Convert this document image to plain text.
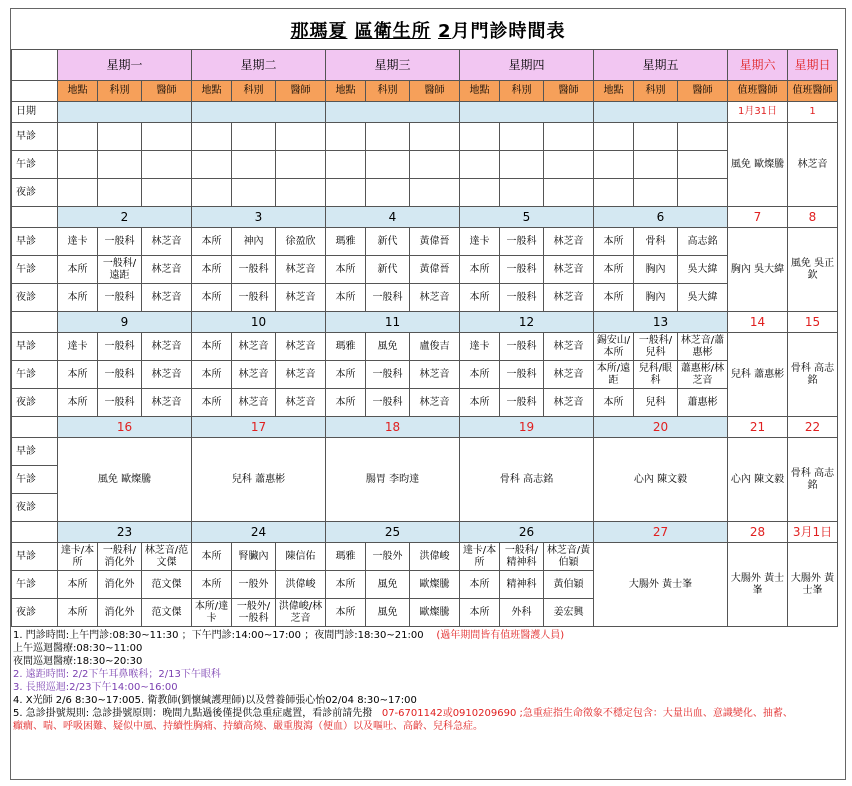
那瑪夏 區衛生所 2月門診時間表
	星期一			星期二			星期三			星期四			星期五			星期六	星期日
	地點	科別	醫師	地點	科別	醫師	地點	科別	醫師	地點	科別	醫師	地點	科別	醫師	值班醫師	值班醫師
日期																1月31日	1
早診																風免 歐燦騰	林芝音
午診																	
夜診																	
	2			3			4			5			6			7	8
早診	達卡	一般科	林芝音	本所	神內	徐盈欣	瑪雅	新代	黃偉晉	達卡	一般科	林芝音	本所	骨科	高志銘	胸內 吳大緯	風免 吳正欽
午診	本所	一般科/遠距	林芝音	本所	一般科	林芝音	本所	新代	黃偉晉	本所	一般科	林芝音	本所	胸內	吳大緯		
夜診	本所	一般科	林芝音	本所	一般科	林芝音	本所	一般科	林芝音	本所	一般科	林芝音	本所	胸內	吳大緯		
	9			10			11			12			13			14	15
早診	達卡	一般科	林芝音	本所	林芝音	林芝音	瑪雅	風免	盧俊吉	達卡	一般科	林芝音	錫安山/本所	一般科/兒科	林芝音/蕭惠彬	兒科 蕭惠彬	骨科 高志銘
午診	本所	一般科	林芝音	本所	林芝音	林芝音	本所	一般科	林芝音	本所	一般科	林芝音	本所/遠距	兒科/眼科	蕭惠彬/林芝音		
夜診	本所	一般科	林芝音	本所	林芝音	林芝音	本所	一般科	林芝音	本所	一般科	林芝音	本所	兒科	蕭惠彬		
	16			17			18			19			20			21	22
早診	風免 歐燦騰			兒科 蕭惠彬			腸胃 李昀達			骨科 高志銘			心內 陳文毅			心內 陳文毅	骨科 高志銘
午診																	
夜診																	
	23			24			25			26			27			28	3月1日
早診	達卡/本所	一般科/消化外	林芝音/范文傑	本所	腎臟內	陳信佑	瑪雅	一般外	洪偉峻	達卡/本所	一般科/精神科	林芝音/黃伯穎	大腸外 黃士峯			大腸外 黃士峯	大腸外 黃士峯
午診	本所	消化外	范文傑	本所	一般外	洪偉峻	本所	風免	歐燦騰	本所	精神科	黃伯穎					
夜診	本所	消化外	范文傑	本所/達卡	一般外/一般科	洪偉峻/林芝音	本所	風免	歐燦騰	本所	外科	姜宏興					
1. 門診時間:上午門診:08:30~11:30 ；下午門診:14:00~17:00 ；夜間門診:18:30~21:00 (過年期間皆有值班醫護人員)
上午巡迴醫療:08:30~11:00
夜間巡迴醫療:18:30~20:30
2. 遠距時間: 2/2下午耳鼻喉科；2/13下午眼科
3. 長照巡迴:2/23下午14:00~16:00
4. X光師 2/6 8:30~17:005. 衛教師(劉懷緘護理師)以及營養師張心怡02/04 8:30~17:00
5. 急診掛號規則: 急診掛號原則：晚間九點過後僅提供急重症處置，看診前請先撥 07-6701142或0910209690 ;急重症指生命徵象不穩定包含：大量出血、意識變化、抽蓄、
癲癇、喘、呼吸困難、疑似中風、持續性胸痛、持續高燒、嚴重腹瀉（便血）以及嘔吐、高齡、兒科急症。
